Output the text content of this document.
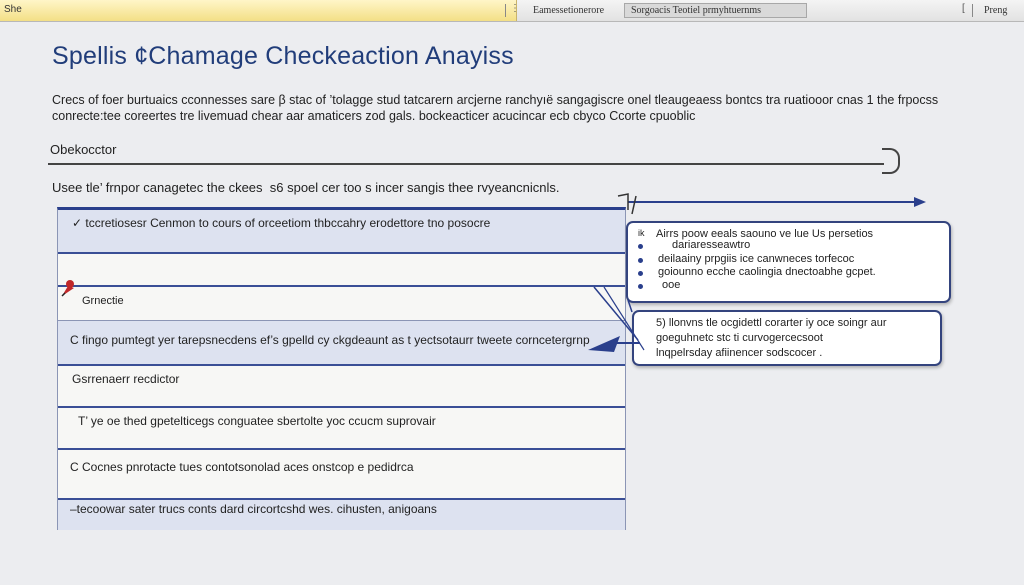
She	⋮ Eamessetionerore	Sorgoacis Teotiel prmyhtuernms	[ Preng
Spellis ¢Chamage Checkeaction Anayiss
Crecs of foer burtuaics cconnesses sare β stac of ’tolagge stud tatcarern arcjerne ranchyıë sangagiscre onel tleaugeaess bontcs tra ruatiooor cnas 1 the frpocss
conrecte:tee coreertes tre livemuad chear aar amaticers zod gals. bockeacticer acucincar ecb cbyco Ccorte cpuoblic
Obekocctor
Usee tle’ frnpor canagetec the ckees  s6 spoel cer too s incer sangis thee rvyeancnicnls.
✓ tccretiosesr Cenmon to cours of orceetiom thbccahry erodettore tno posocre
Grnectie
C fingo pumtegt yer tarepsnecdens ef’s gpelld cy ckgdeaunt as t yectsotaurr tweete corncetergrnp
Gsrrenaerr recdictor
T’ ye oe thed gpetelticegs conguatee sbertolte yoc ccucm suprovair
C Cocnes pnrotacte tues contotsonolad aces onstcop e pedidrca
–tecoowar sater trucs conts dard circortcshd wes. cihusten, anigoans
ik Airrs poow eeals saouno ve lue Us persetios
dariaresseawtro
deilaainy prpgiis ice canwneces torfecoc
goiounno ecche caolingia dnectoabhe gcpet.
ooe
5) llonvns tle ocgidettl corarter iy oce soingr aur
goeguhnetc stc ti curvogercecsoot
lnqpelrsday afiinencer sodscocer .
